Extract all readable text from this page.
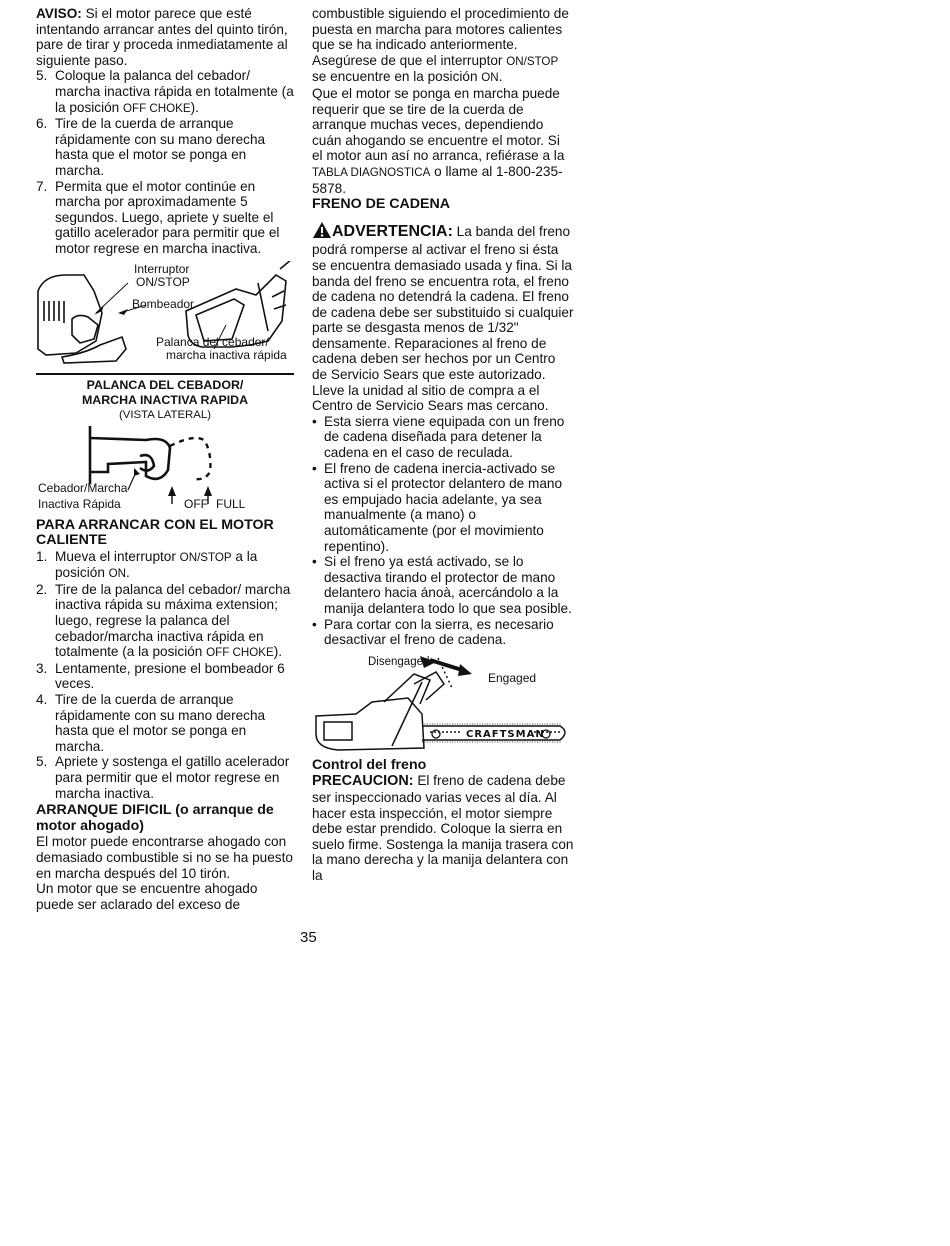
AVISO: Si el motor parece que esté intentando arrancar antes del quinto tirón, pare de tirar y proceda inmediatamente al siguiente paso.

5. Coloque la palanca del cebador/ marcha inactiva rápida en totalmente (a la posición OFF CHOKE).
6. Tire de la cuerda de arranque rápidamente con su mano derecha hasta que el motor se ponga en marcha.
7. Permita que el motor continúe en marcha por aproximadamente 5 segundos. Luego, apriete y suelte el gatillo acelerador para permitir que el motor regrese en marcha inactiva.
Interruptor
ON/STOP
Bombeador
Palanca del cebador/
marcha inactiva rápida
PALANCA DEL CEBADOR/
MARCHA INACTIVA RAPIDA
(VISTA LATERAL)
Cebador/Marcha
Inactiva Rápida	OFF FULL
PARA ARRANCAR CON EL MOTOR CALIENTE
1. Mueva el interruptor ON/STOP a la posición ON.
2. Tire de la palanca del cebador/ marcha inactiva rápida su máxima extension; luego, regrese la palanca del cebador/marcha inactiva rápida en totalmente (a la posición OFF CHOKE).
3. Lentamente, presione el bombeador 6 veces.
4. Tire de la cuerda de arranque rápidamente con su mano derecha hasta que el motor se ponga en marcha.
5. Apriete y sostenga el gatillo acelerador para permitir que el motor regrese en marcha inactiva.
ARRANQUE DIFICIL (o arranque de motor ahogado)

El motor puede encontrarse ahogado con demasiado combustible si no se ha puesto en marcha después del 10 tirón.

Un motor que se encuentre ahogado puede ser aclarado del exceso de

combustible siguiendo el procedimiento de puesta en marcha para motores calientes que se ha indicado anteriormente. Asegúrese de que el interruptor ON/STOP se encuentre en la posición ON.

Que el motor se ponga en marcha puede requerir que se tire de la cuerda de arranque muchas veces, dependiendo cuán ahogando se encuentre el motor. Si el motor aun así no arranca, refiérase a la TABLA DIAGNOSTICA o llame al 1-800-235-5878.

FRENO DE CADENA

ADVERTENCIA: La banda del freno podrá romperse al activar el freno si ésta se encuentra demasiado usada y fina. Si la banda del freno se encuentra rota, el freno de cadena no detendrá la cadena. El freno de cadena debe ser substituido si cualquier parte se desgasta menos de 1/32" densamente. Reparaciones al freno de cadena deben ser hechos por un Centro de Servicio Sears que este autorizado. Lleve la unidad al sitio de compra a el Centro de Servicio Sears mas cercano.

• Esta sierra viene equipada con un freno de cadena diseñada para detener la cadena en el caso de reculada.
• El freno de cadena inercia-activado se activa si el protector delantero de mano es empujado hacia adelante, ya sea manualmente (a mano) o automáticamente (por el movimiento repentino).
• Si el freno ya está activado, se lo desactiva tirando el protector de mano delantero hacia ánoà, acercándolo a la manija delantera todo lo que sea posible.
• Para cortar con la sierra, es necesario desactivar el freno de cadena.
Disengaged
Engaged
CRAFTSMAN
Control del freno

PRECAUCION: El freno de cadena debe ser inspeccionado varias veces al día. Al hacer esta inspección, el motor siempre debe estar prendido. Coloque la sierra en suelo firme. Sostenga la manija trasera con la mano derecha y la manija delantera con la

35
